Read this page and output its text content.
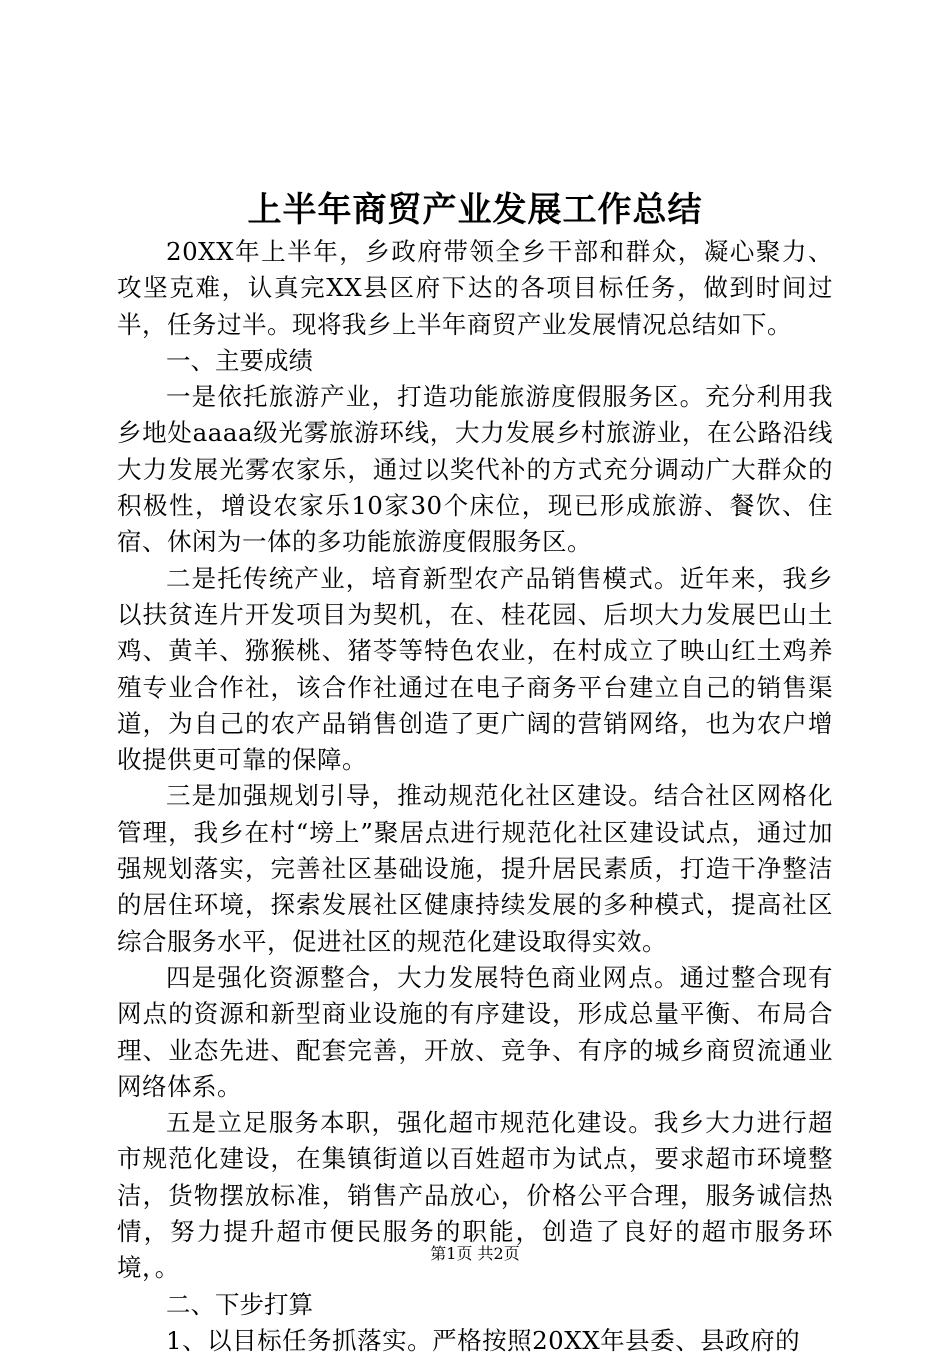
上半年商贸产业发展工作总结

20XX年上半年，乡政府带领全乡干部和群众，凝心聚力、攻坚克难，认真完XX县区府下达的各项目标任务，做到时间过半，任务过半。现将我乡上半年商贸产业发展情况总结如下。

一、主要成绩

一是依托旅游产业，打造功能旅游度假服务区。充分利用我乡地处aaaa级光雾旅游环线，大力发展乡村旅游业，在公路沿线大力发展光雾农家乐，通过以奖代补的方式充分调动广大群众的积极性，增设农家乐10家30个床位，现已形成旅游、餐饮、住宿、休闲为一体的多功能旅游度假服务区。

二是托传统产业，培育新型农产品销售模式。近年来，我乡以扶贫连片开发项目为契机，在、桂花园、后坝大力发展巴山土鸡、黄羊、猕猴桃、猪苓等特色农业，在村成立了映山红土鸡养殖专业合作社，该合作社通过在电子商务平台建立自己的销售渠道，为自己的农产品销售创造了更广阔的营销网络，也为农户增收提供更可靠的保障。

三是加强规划引导，推动规范化社区建设。结合社区网格化管理，我乡在村“塝上”聚居点进行规范化社区建设试点，通过加强规划落实，完善社区基础设施，提升居民素质，打造干净整洁的居住环境，探索发展社区健康持续发展的多种模式，提高社区综合服务水平，促进社区的规范化建设取得实效。

四是强化资源整合，大力发展特色商业网点。通过整合现有网点的资源和新型商业设施的有序建设，形成总量平衡、布局合理、业态先进、配套完善，开放、竞争、有序的城乡商贸流通业网络体系。

五是立足服务本职，强化超市规范化建设。我乡大力进行超市规范化建设，在集镇街道以百姓超市为试点，要求超市环境整洁，货物摆放标准，销售产品放心，价格公平合理，服务诚信热情，努力提升超市便民服务的职能，创造了良好的超市服务环境，。

二、下步打算

1、以目标任务抓落实。严格按照20XX年县委、县政府的

第1页 共2页
